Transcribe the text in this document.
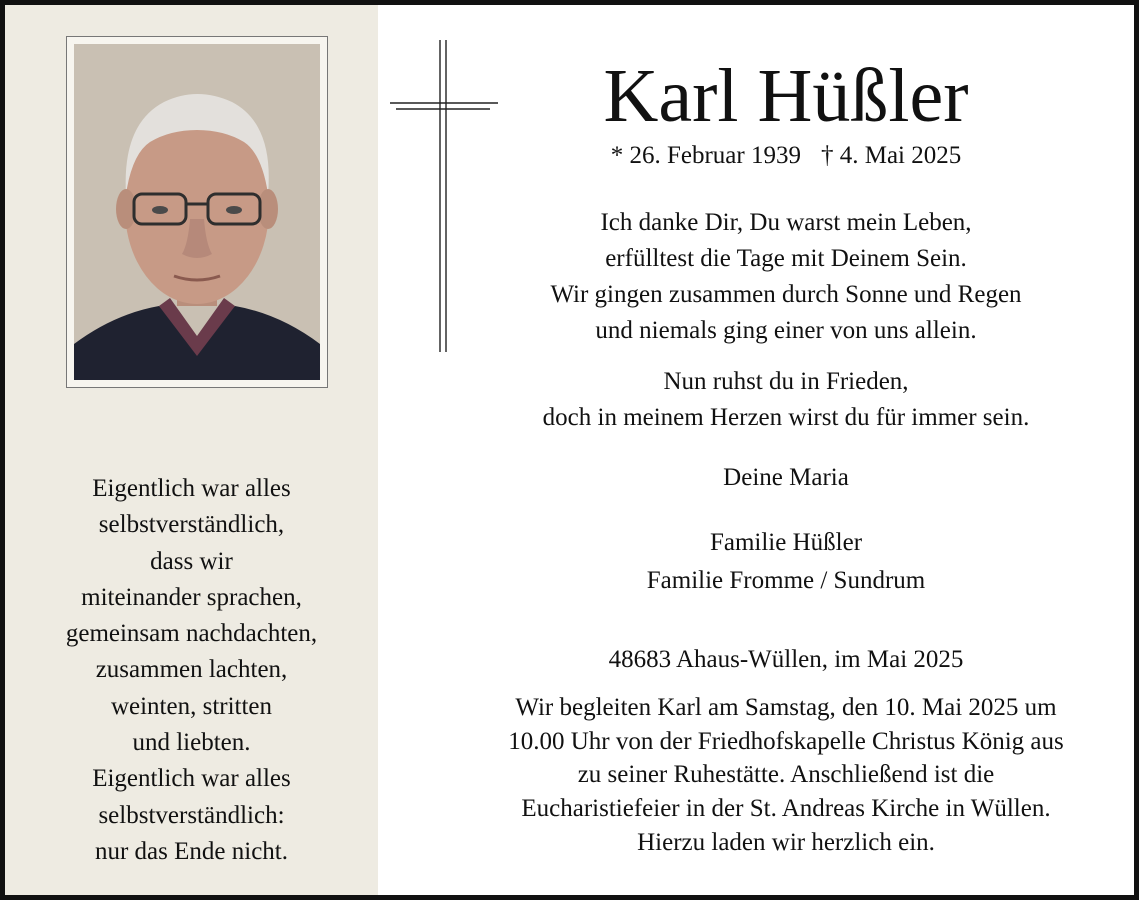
Eigentlich war alles
selbstverständlich,
dass wir
miteinander sprachen,
gemeinsam nachdachten,
zusammen lachten,
weinten, stritten
und liebten.
Eigentlich war alles
selbstverständlich:
nur das Ende nicht.
Karl Hüßler
* 26. Februar 1939 † 4. Mai 2025
Ich danke Dir, Du warst mein Leben,
erfülltest die Tage mit Deinem Sein.
Wir gingen zusammen durch Sonne und Regen
und niemals ging einer von uns allein.
Nun ruhst du in Frieden,
doch in meinem Herzen wirst du für immer sein.
Deine Maria
Familie Hüßler
Familie Fromme / Sundrum
48683 Ahaus-Wüllen, im Mai 2025
Wir begleiten Karl am Samstag, den 10. Mai 2025 um
10.00 Uhr von der Friedhofskapelle Christus König aus
zu seiner Ruhestätte. Anschließend ist die
Eucharistiefeier in der St. Andreas Kirche in Wüllen.
Hierzu laden wir herzlich ein.
